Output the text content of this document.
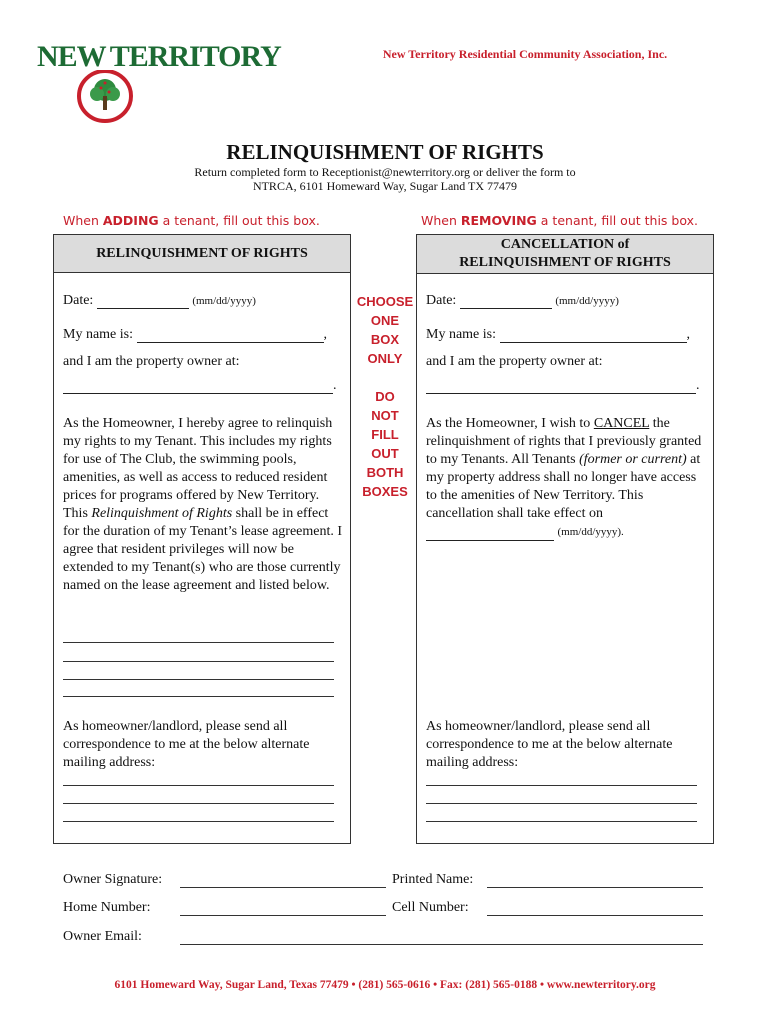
NEW TERRITORY	New Territory Residential Community Association, Inc.
RELINQUISHMENT OF RIGHTS
Return completed form to Receptionist@newterritory.org or deliver the form to
NTRCA, 6101 Homeward Way, Sugar Land TX 77479
When ADDING a tenant, fill out this box.	When REMOVING a tenant, fill out this box.
RELINQUISHMENT OF RIGHTS
Date:	(mm/dd/yyyy)
My name is:	,
and I am the property owner at:
.
As the Homeowner, I hereby agree to relinquish my rights to my Tenant. This includes my rights for use of The Club, the swimming pools, amenities, as well as access to reduced resident prices for programs offered by New Territory. This Relinquishment of Rights shall be in effect for the duration of my Tenant’s lease agreement. I agree that resident privileges will now be extended to my Tenant(s) who are those currently named on the lease agreement and listed below.
As homeowner/landlord, please send all correspondence to me at the below alternate mailing address:
CHOOSE
ONE
BOX
ONLY
DO
NOT
FILL
OUT
BOTH
BOXES
CANCELLATION of
RELINQUISHMENT OF RIGHTS
Date:	(mm/dd/yyyy)
My name is:	,
and I am the property owner at:
.
As the Homeowner, I wish to CANCEL the relinquishment of rights that I previously granted to my Tenants. All Tenants (former or current) at my property address shall no longer have access to the amenities of New Territory. This cancellation shall take effect on  (mm/dd/yyyy).
As homeowner/landlord, please send all correspondence to me at the below alternate mailing address:
Owner Signature:	Printed Name:
Home Number:	Cell Number:
Owner Email:
6101 Homeward Way, Sugar Land, Texas 77479 • (281) 565-0616 • Fax: (281) 565-0188 • www.newterritory.org
